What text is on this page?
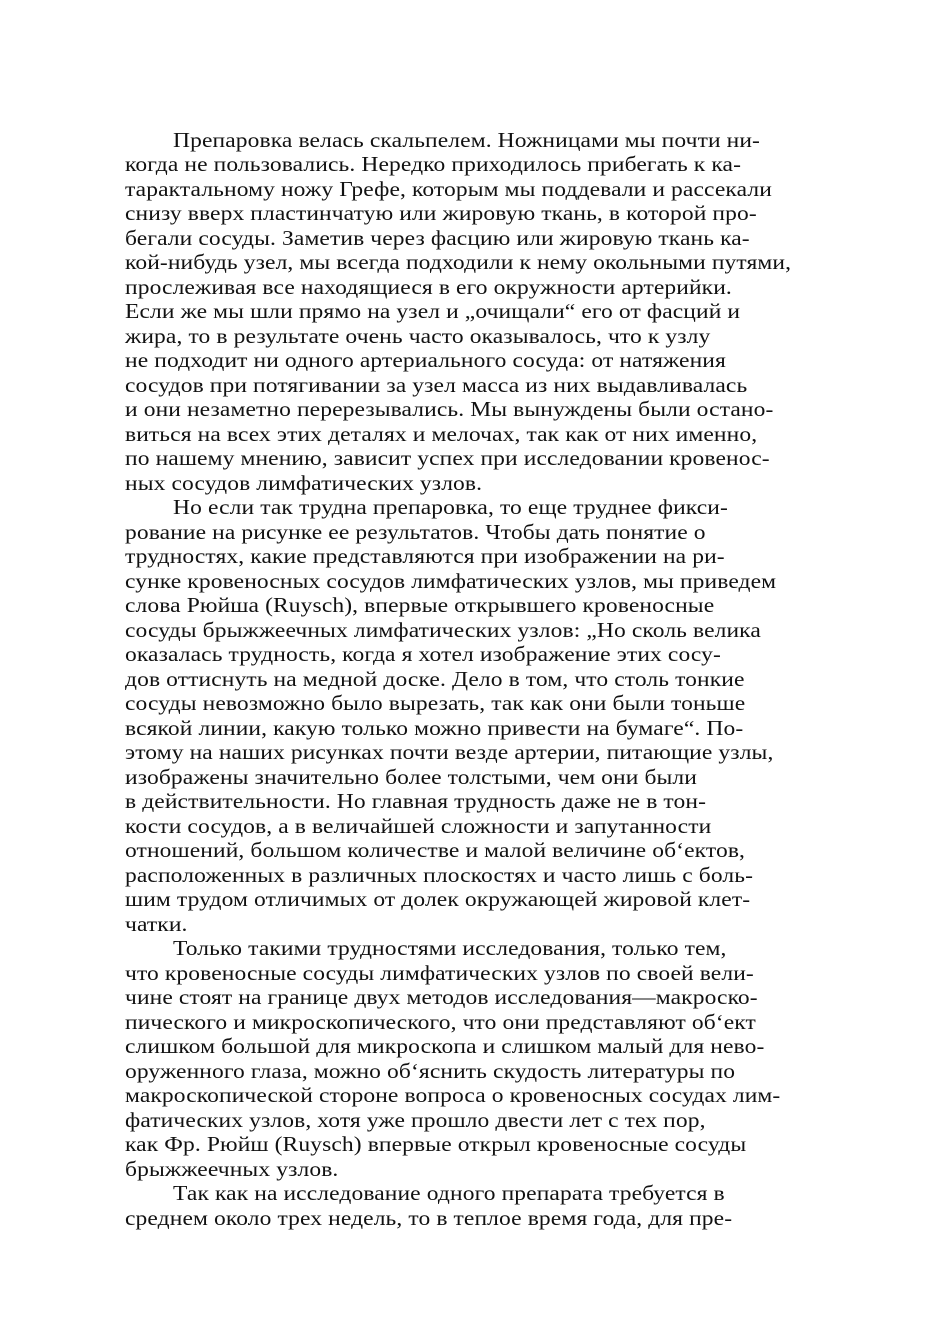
Препаровка велась скальпелем. Ножницами мы почти ни-
когда не пользовались. Нередко приходилось прибегать к ка-
тарактальному ножу Грефе, которым мы поддевали и рассекали
снизу вверх пластинчатую или жировую ткань, в которой про-
бегали сосуды. Заметив через фасцию или жировую ткань ка-
кой-нибудь узел, мы всегда подходили к нему окольными путями,
прослеживая все находящиеся в его окружности артерийки.
Если же мы шли прямо на узел и „очищали“ его от фасций и
жира, то в результате очень часто оказывалось, что к узлу
не подходит ни одного артериального сосуда: от натяжения
сосудов при потягивании за узел масса из них выдавливалась
и они незаметно перерезывались. Мы вынуждены были остано-
виться на всех этих деталях и мелочах, так как от них именно,
по нашему мнению, зависит успех при исследовании кровенос-
ных сосудов лимфатических узлов.
Но если так трудна препаровка, то еще труднее фикси-
рование на рисунке ее результатов. Чтобы дать понятие о
трудностях, какие представляются при изображении на ри-
сунке кровеносных сосудов лимфатических узлов, мы приведем
слова Рюйша (Ruysch), впервые открывшего кровеносные
сосуды брыжжеечных лимфатических узлов: „Но сколь велика
оказалась трудность, когда я хотел изображение этих сосу-
дов оттиснуть на медной доске. Дело в том, что столь тонкие
сосуды невозможно было вырезать, так как они были тоньше
всякой линии, какую только можно привести на бумаге“. По-
этому на наших рисунках почти везде артерии, питающие узлы,
изображены значительно более толстыми, чем они были
в действительности. Но главная трудность даже не в тон-
кости сосудов, а в величайшей сложности и запутанности
отношений, большом количестве и малой величине об‘ектов,
расположенных в различных плоскостях и часто лишь с боль-
шим трудом отличимых от долек окружающей жировой клет-
чатки.
Только такими трудностями исследования, только тем,
что кровеносные сосуды лимфатических узлов по своей вели-
чине стоят на границе двух методов исследования—макроско-
пического и микроскопического, что они представляют об‘ект
слишком большой для микроскопа и слишком малый для нево-
оруженного глаза, можно об‘яснить скудость литературы по
макроскопической стороне вопроса о кровеносных сосудах лим-
фатических узлов, хотя уже прошло двести лет с тех пор,
как Фр. Рюйш (Ruysch) впервые открыл кровеносные сосуды
брыжжеечных узлов.
Так как на исследование одного препарата требуется в
среднем около трех недель, то в теплое время года, для пре-
